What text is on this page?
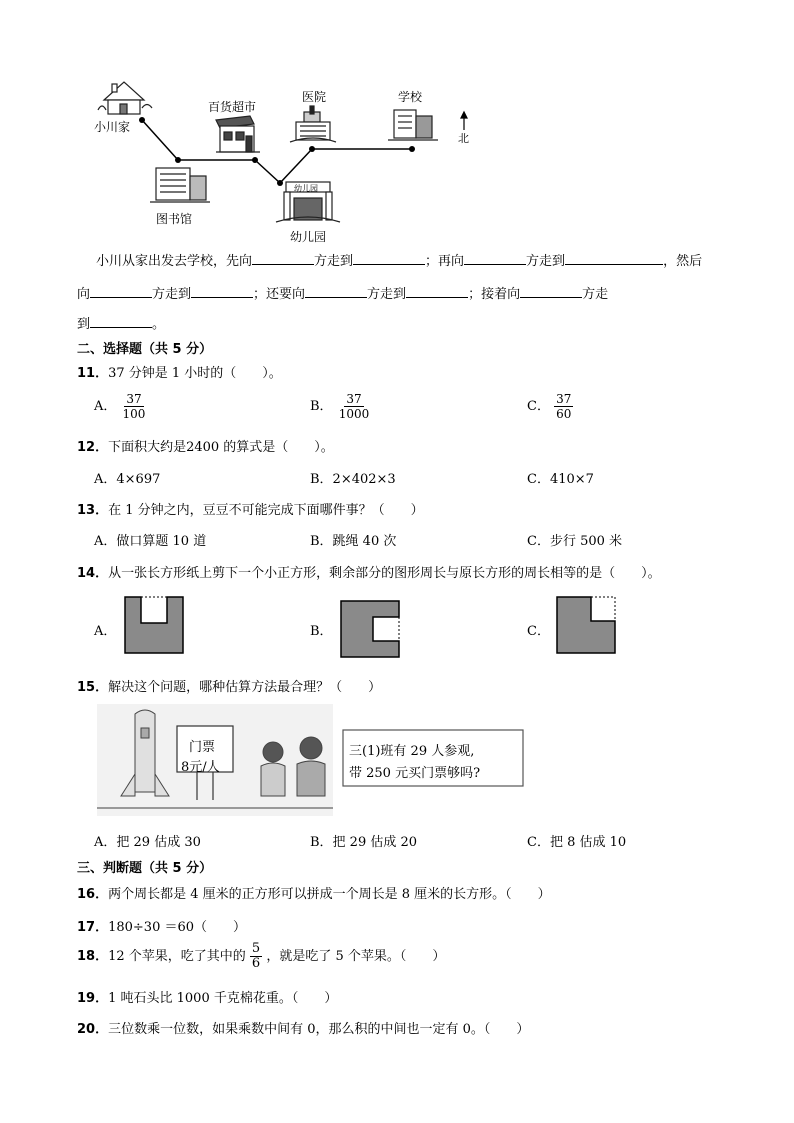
小川家
百货超市
医院	学校
图书馆
幼儿园
幼儿园
北
小川从家出发去学校，先向	方走到	；再向	方走到	，然后
向	方走到	；还要向	方走到	；接着向	方走
到	。
二、选择题（共 5 分）
11．37 分钟是 1 小时的（　　）。
A． $\frac{37}{100}$	B． $\frac{37}{1000}$	C． $\frac{37}{60}$
12．下面积大约是2400 的算式是（　　）。
A．4×697	B．2×402×3	C．410×7
13．在 1 分钟之内，豆豆不可能完成下面哪件事？（　　）
A．做口算题 10 道	B．跳绳 40 次	C．步行 500 米
14．从一张长方形纸上剪下一个小正方形，剩余部分的图形周长与原长方形的周长相等的是（　　）。
A．	B．	C．
15．解决这个问题，哪种估算方法最合理？（　　）
门票
8元/人
三(1)班有 29 人参观,
带 250 元买门票够吗?
A．把 29 估成 30	B．把 29 估成 20	C．把 8 估成 10
三、判断题（共 5 分）
16．两个周长都是 4 厘米的正方形可以拼成一个周长是 8 厘米的长方形。（　　）
17．180÷30 ＝60（　　）
18．12 个苹果，吃了其中的 $\frac{5}{6}$ ，就是吃了 5 个苹果。（　　）
19．1 吨石头比 1000 千克棉花重。（　　）
20．三位数乘一位数，如果乘数中间有 0，那么积的中间也一定有 0。（　　）
